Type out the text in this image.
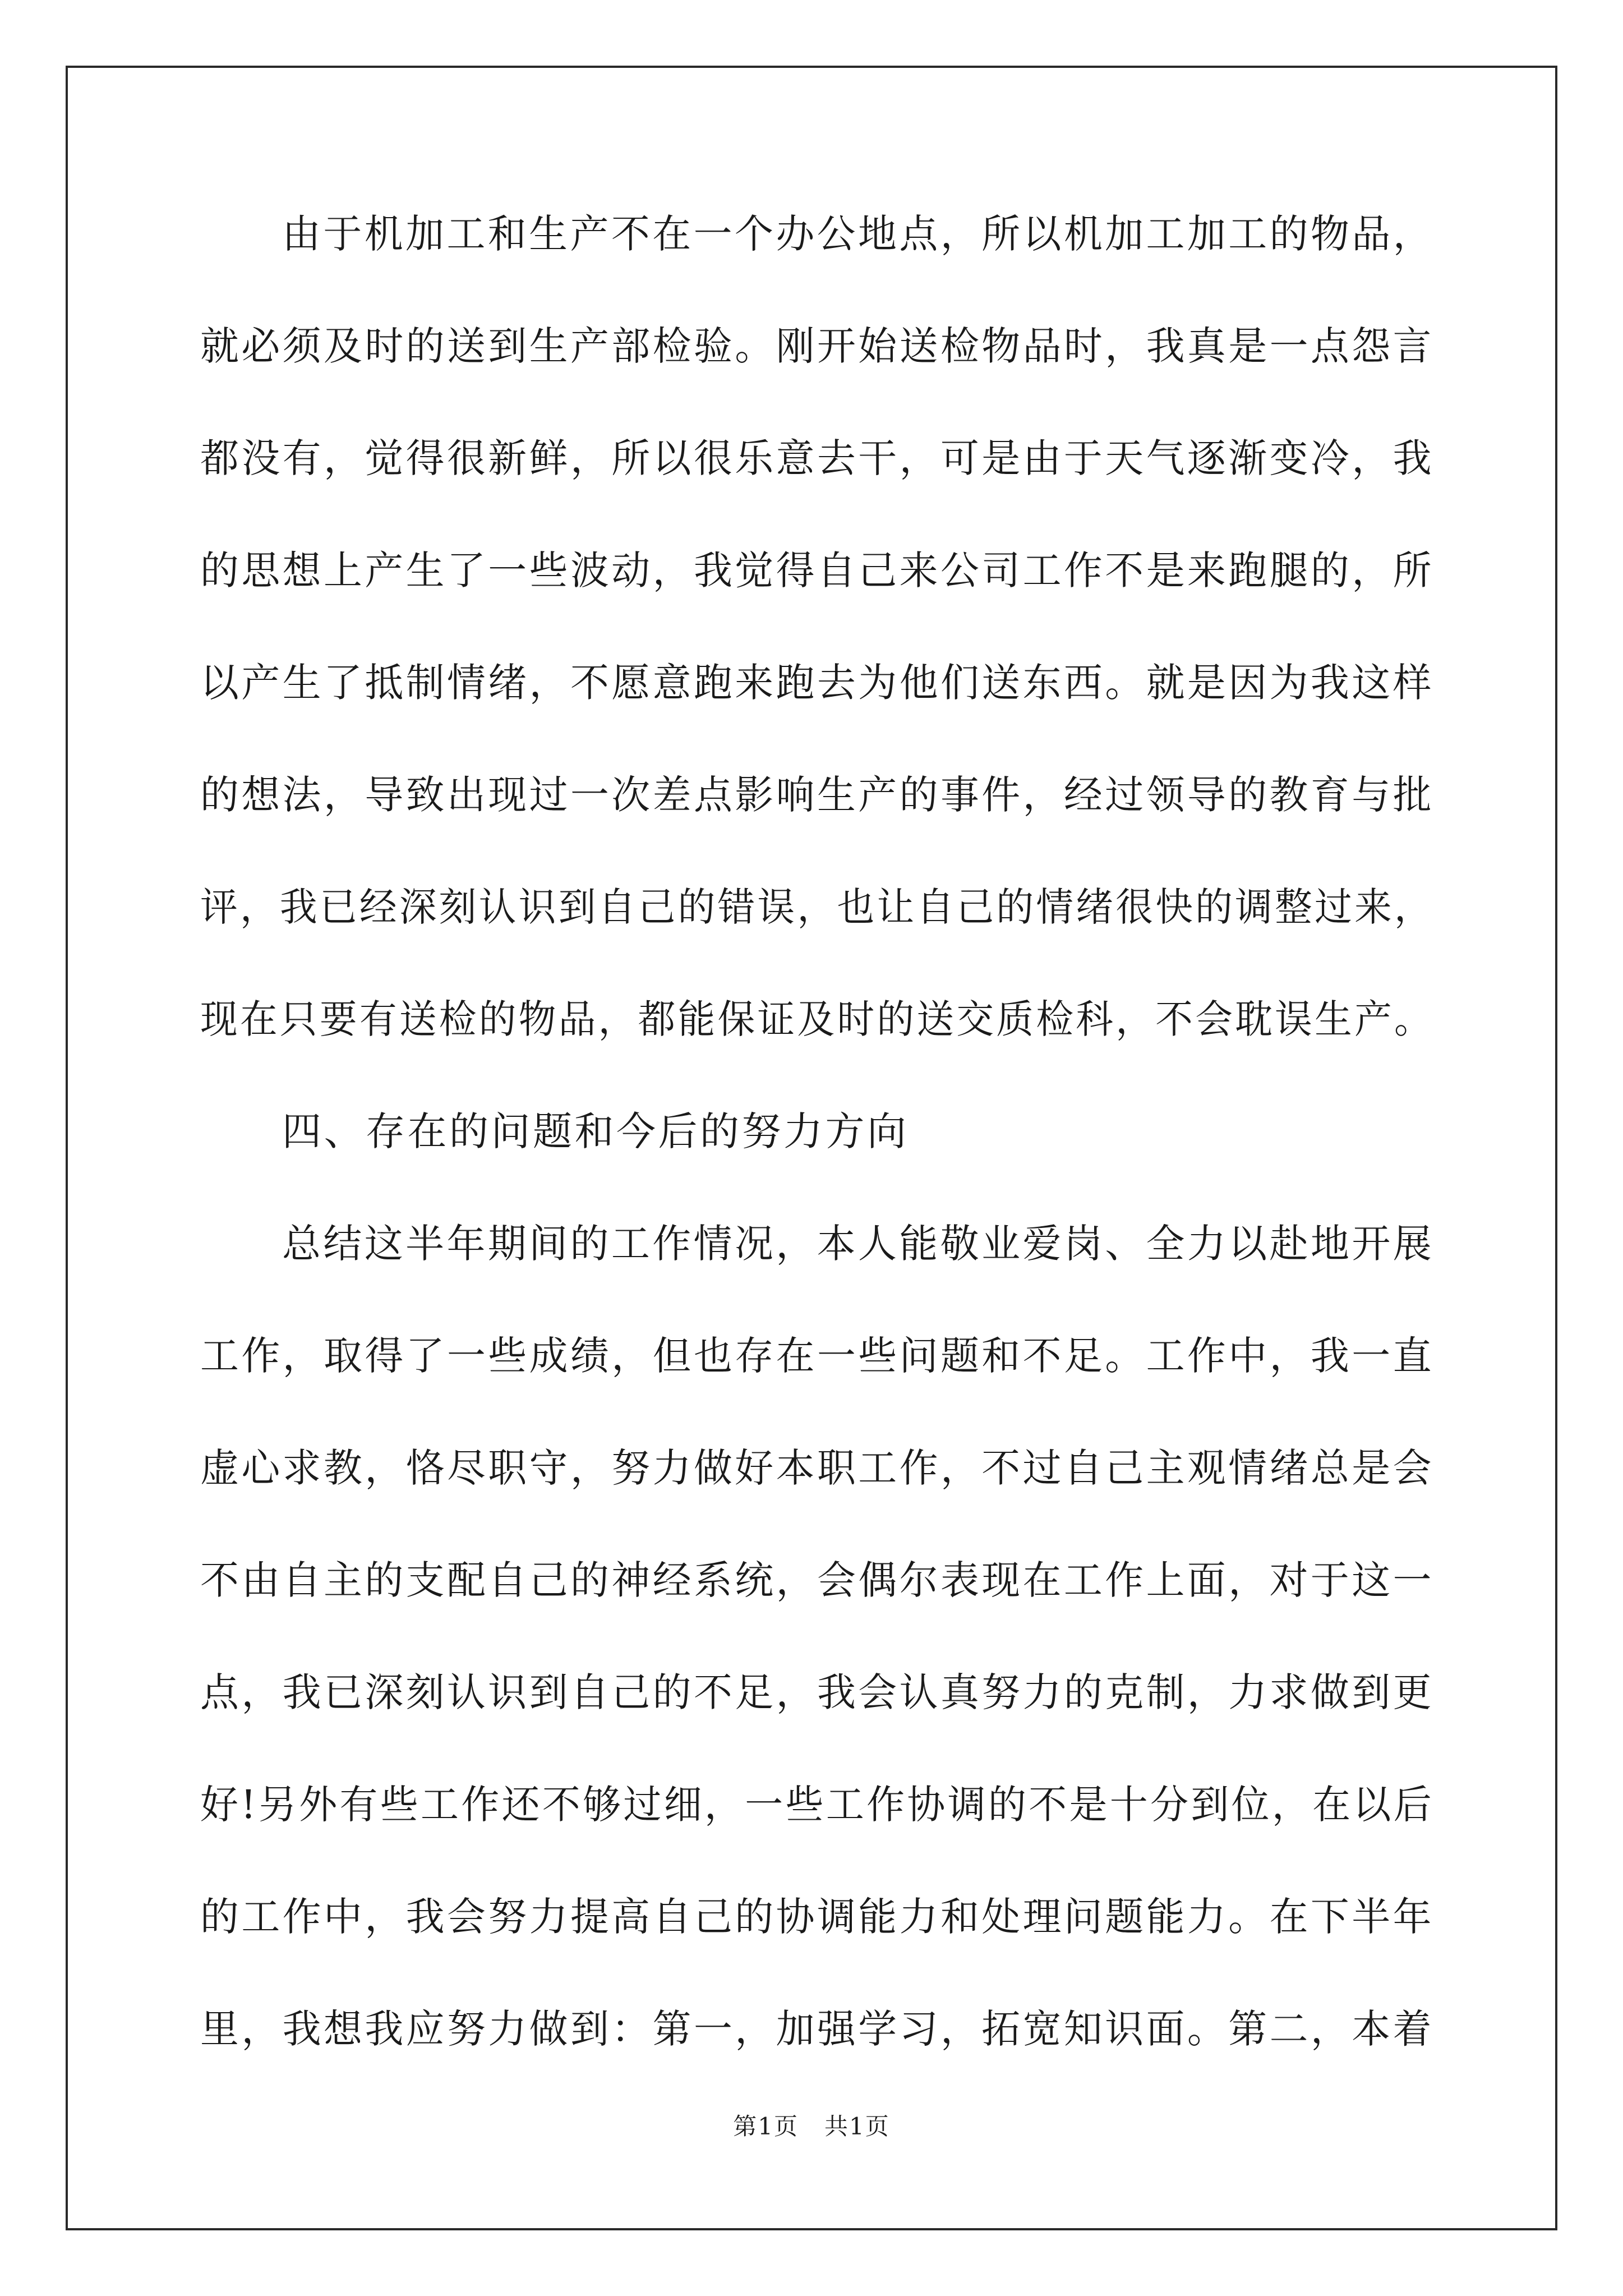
由于机加工和生产不在一个办公地点，所以机加工加工的物品，
就必须及时的送到生产部检验。刚开始送检物品时，我真是一点怨言
都没有，觉得很新鲜，所以很乐意去干，可是由于天气逐渐变冷，我
的思想上产生了一些波动，我觉得自己来公司工作不是来跑腿的，所
以产生了抵制情绪，不愿意跑来跑去为他们送东西。就是因为我这样
的想法，导致出现过一次差点影响生产的事件，经过领导的教育与批
评，我已经深刻认识到自己的错误，也让自己的情绪很快的调整过来，
现在只要有送检的物品，都能保证及时的送交质检科，不会耽误生产。
四、存在的问题和今后的努力方向
总结这半年期间的工作情况，本人能敬业爱岗、全力以赴地开展
工作，取得了一些成绩，但也存在一些问题和不足。工作中，我一直
虚心求教，恪尽职守，努力做好本职工作，不过自己主观情绪总是会
不由自主的支配自己的神经系统，会偶尔表现在工作上面，对于这一
点，我已深刻认识到自己的不足，我会认真努力的克制，力求做到更
好!另外有些工作还不够过细，一些工作协调的不是十分到位，在以后
的工作中，我会努力提高自己的协调能力和处理问题能力。在下半年
里，我想我应努力做到：第一，加强学习，拓宽知识面。第二，本着
第1页   共1页
